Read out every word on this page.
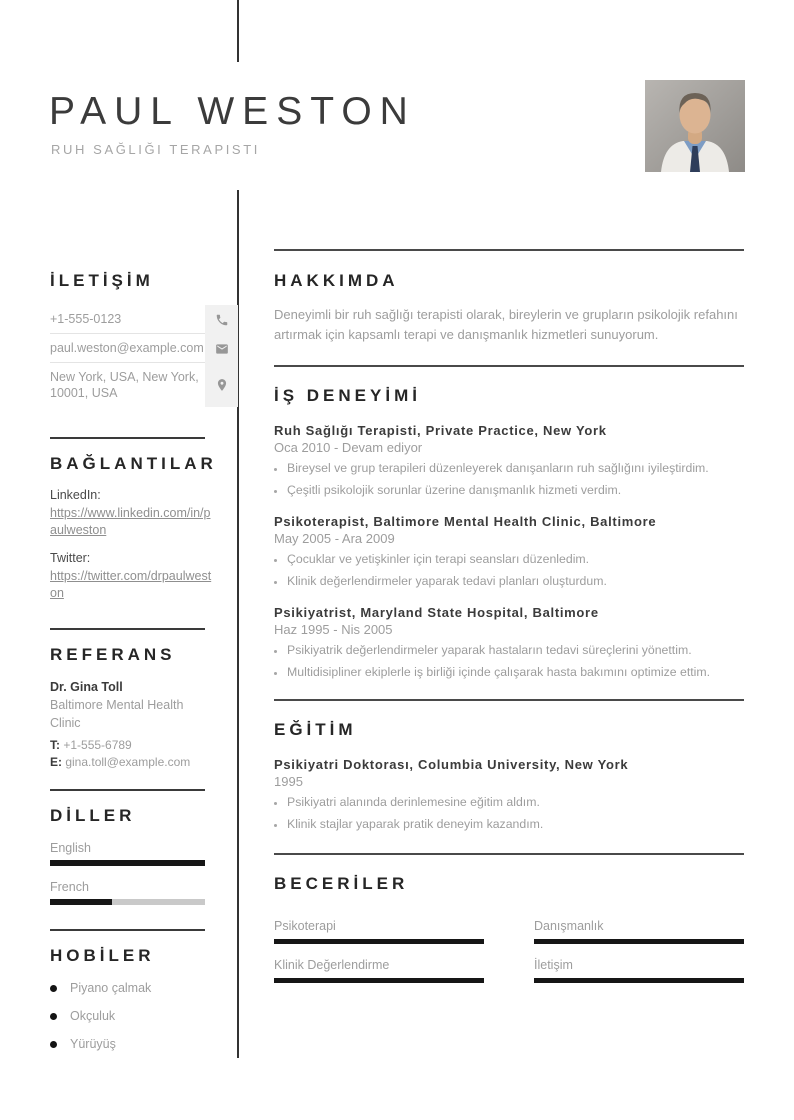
PAUL WESTON
RUH SAĞLIĞI TERAPISTI
İLETİŞİM
+1-555-0123
paul.weston@example.com
New York, USA, New York, 10001, USA
BAĞLANTILAR
LinkedIn:
https://www.linkedin.com/in/paulweston
Twitter:
https://twitter.com/drpaulweston
REFERANS
Dr. Gina Toll
Baltimore Mental Health Clinic
T: +1-555-6789
E: gina.toll@example.com
DİLLER
English
French
HOBİLER
Piyano çalmak
Okçuluk
Yürüyüş
HAKKIMDA

Deneyimli bir ruh sağlığı terapisti olarak, bireylerin ve grupların psikolojik refahını artırmak için kapsamlı terapi ve danışmanlık hizmetleri sunuyorum.

İŞ DENEYİMİ
Ruh Sağlığı Terapisti, Private Practice, New York
Oca 2010 - Devam ediyor
Bireysel ve grup terapileri düzenleyerek danışanların ruh sağlığını iyileştirdim.
Çeşitli psikolojik sorunlar üzerine danışmanlık hizmeti verdim.
Psikoterapist, Baltimore Mental Health Clinic, Baltimore
May 2005 - Ara 2009
Çocuklar ve yetişkinler için terapi seansları düzenledim.
Klinik değerlendirmeler yaparak tedavi planları oluşturdum.
Psikiyatrist, Maryland State Hospital, Baltimore
Haz 1995 - Nis 2005
Psikiyatrik değerlendirmeler yaparak hastaların tedavi süreçlerini yönettim.
Multidisipliner ekiplerle iş birliği içinde çalışarak hasta bakımını optimize ettim.
EĞİTİM
Psikiyatri Doktorası, Columbia University, New York
1995
Psikiyatri alanında derinlemesine eğitim aldım.
Klinik stajlar yaparak pratik deneyim kazandım.
BECERİLER
Psikoterapi	Danışmanlık
Klinik Değerlendirme	İletişim
